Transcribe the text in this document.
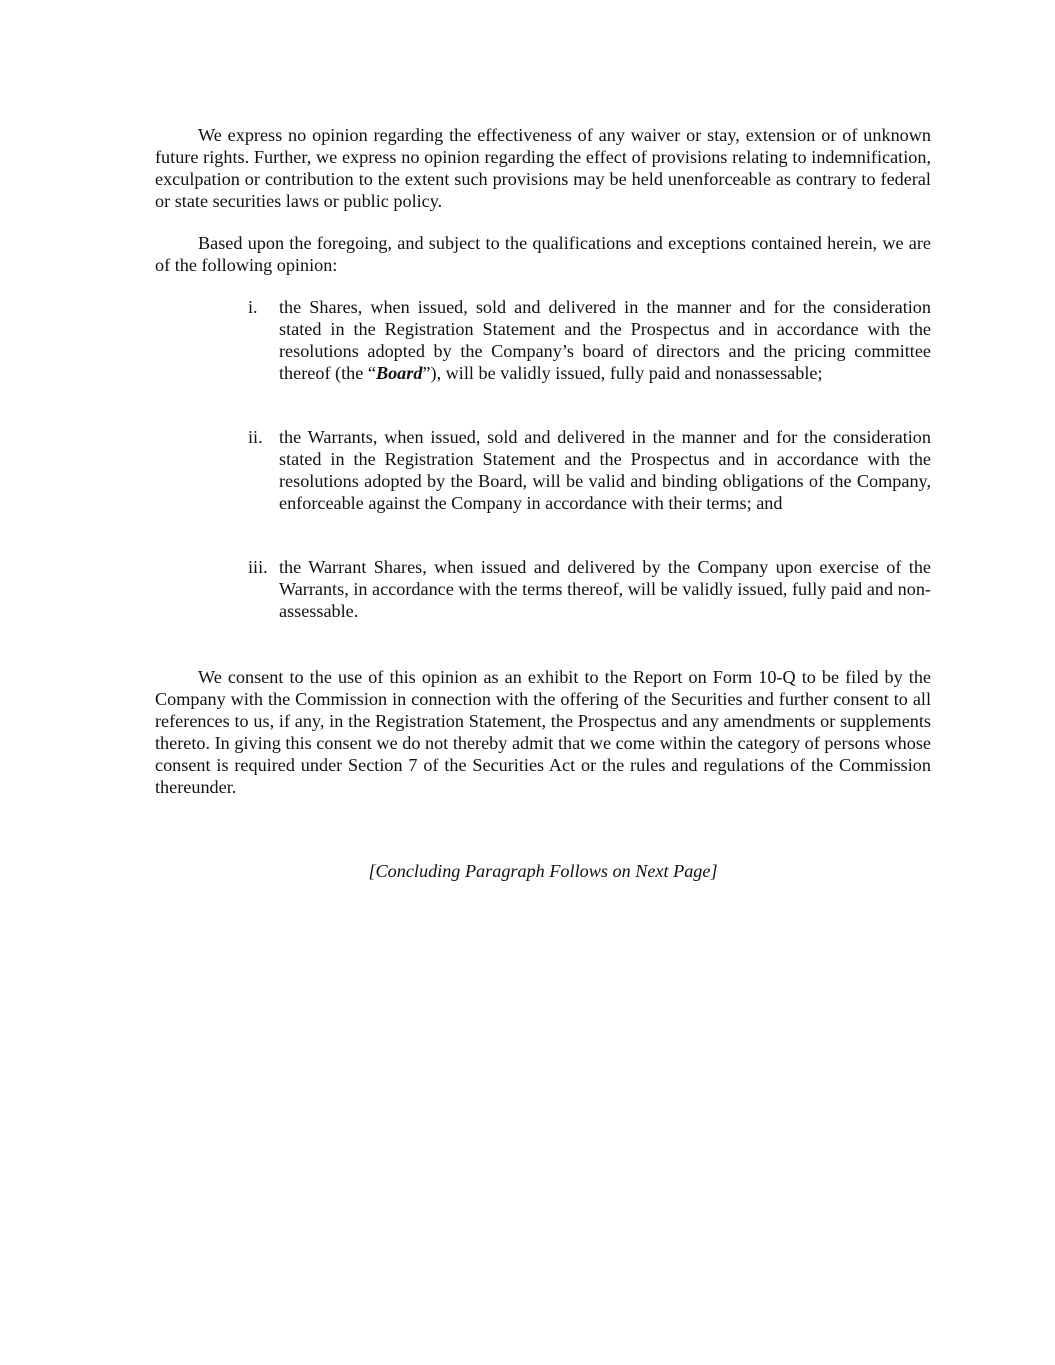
We express no opinion regarding the effectiveness of any waiver or stay, extension or of unknown future rights. Further, we express no opinion regarding the effect of provisions relating to indemnification, exculpation or contribution to the extent such provisions may be held unenforceable as contrary to federal or state securities laws or public policy.

Based upon the foregoing, and subject to the qualifications and exceptions contained herein, we are of the following opinion:

i. the Shares, when issued, sold and delivered in the manner and for the consideration stated in the Registration Statement and the Prospectus and in accordance with the resolutions adopted by the Company’s board of directors and the pricing committee thereof (the “Board”), will be validly issued, fully paid and nonassessable;
ii. the Warrants, when issued, sold and delivered in the manner and for the consideration stated in the Registration Statement and the Prospectus and in accordance with the resolutions adopted by the Board, will be valid and binding obligations of the Company, enforceable against the Company in accordance with their terms; and
iii. the Warrant Shares, when issued and delivered by the Company upon exercise of the Warrants, in accordance with the terms thereof, will be validly issued, fully paid and non-assessable.

We consent to the use of this opinion as an exhibit to the Report on Form 10-Q to be filed by the Company with the Commission in connection with the offering of the Securities and further consent to all references to us, if any, in the Registration Statement, the Prospectus and any amendments or supplements thereto. In giving this consent we do not thereby admit that we come within the category of persons whose consent is required under Section 7 of the Securities Act or the rules and regulations of the Commission thereunder.

[Concluding Paragraph Follows on Next Page]
